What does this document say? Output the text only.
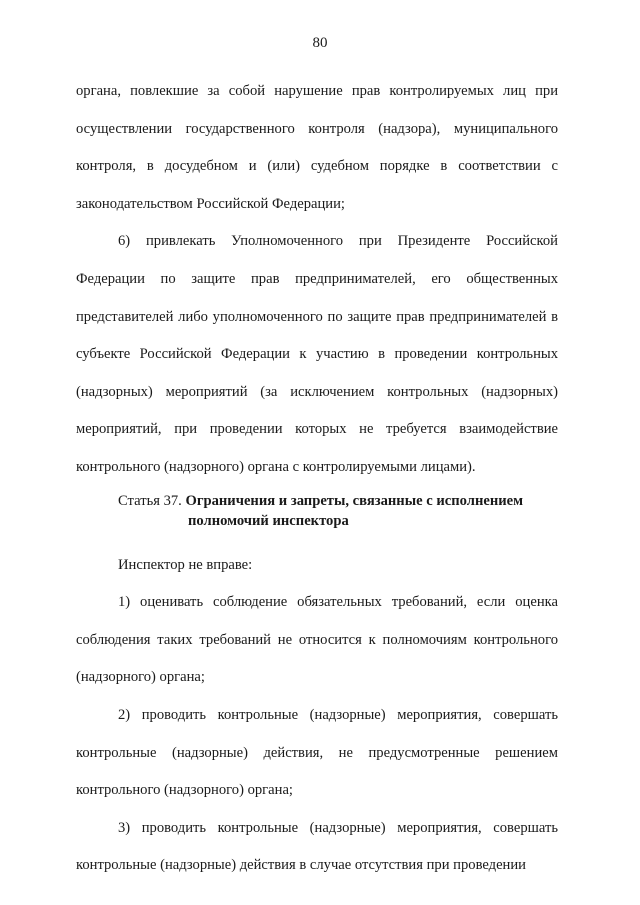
80

органа, повлекшие за собой нарушение прав контролируемых лиц при осуществлении государственного контроля (надзора), муниципального контроля, в досудебном и (или) судебном порядке в соответствии с законодательством Российской Федерации;

6) привлекать Уполномоченного при Президенте Российской Федерации по защите прав предпринимателей, его общественных представителей либо уполномоченного по защите прав предпринимателей в субъекте Российской Федерации к участию в проведении контрольных (надзорных) мероприятий (за исключением контрольных (надзорных) мероприятий, при проведении которых не требуется взаимодействие контрольного (надзорного) органа с контролируемыми лицами).

Статья 37. Ограничения и запреты, связанные с исполнением
полномочий инспектора

Инспектор не вправе:

1) оценивать соблюдение обязательных требований, если оценка соблюдения таких требований не относится к полномочиям контрольного (надзорного) органа;

2) проводить контрольные (надзорные) мероприятия, совершать контрольные (надзорные) действия, не предусмотренные решением контрольного (надзорного) органа;

3) проводить контрольные (надзорные) мероприятия, совершать контрольные (надзорные) действия в случае отсутствия при проведении
